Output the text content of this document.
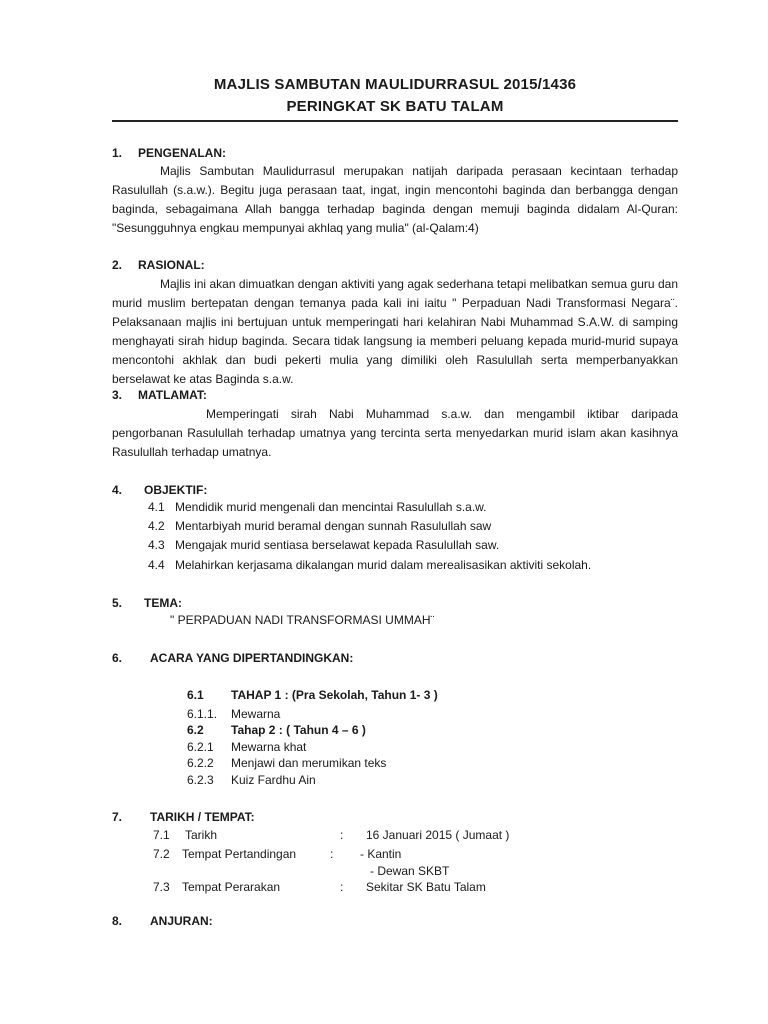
MAJLIS SAMBUTAN MAULIDURRASUL 2015/1436
PERINGKAT SK BATU TALAM
1. PENGENALAN:

Majlis Sambutan Maulidurrasul merupakan natijah daripada perasaan kecintaan terhadap Rasulullah (s.a.w.). Begitu juga perasaan taat, ingat, ingin mencontohi baginda dan berbangga dengan baginda, sebagaimana Allah bangga terhadap baginda dengan memuji baginda didalam Al-Quran: "Sesungguhnya engkau mempunyai akhlaq yang mulia" (al-Qalam:4)

2. RASIONAL:

Majlis ini akan dimuatkan dengan aktiviti yang agak sederhana tetapi melibatkan semua guru dan murid muslim bertepatan dengan temanya pada kali ini iaitu " Perpaduan Nadi Transformasi Negara¨. Pelaksanaan majlis ini bertujuan untuk memperingati hari kelahiran Nabi Muhammad S.A.W. di samping menghayati sirah hidup baginda. Secara tidak langsung ia memberi peluang kepada murid-murid supaya mencontohi akhlak dan budi pekerti mulia yang dimiliki oleh Rasulullah serta memperbanyakkan berselawat ke atas Baginda s.a.w.

3. MATLAMAT:

Memperingati sirah Nabi Muhammad s.a.w. dan mengambil iktibar daripada pengorbanan Rasulullah terhadap umatnya yang tercinta serta menyedarkan murid islam akan kasihnya Rasulullah terhadap umatnya.

4. OBJEKTIF:
4.1 Mendidik murid mengenali dan mencintai Rasulullah s.a.w.
4.2 Mentarbiyah murid beramal dengan sunnah Rasulullah saw
4.3 Mengajak murid sentiasa berselawat kepada Rasulullah saw.
4.4 Melahirkan kerjasama dikalangan murid dalam merealisasikan aktiviti sekolah.
5. TEMA:
" PERPADUAN NADI TRANSFORMASI UMMAH¨
6. ACARA YANG DIPERTANDINGKAN:
6.1 TAHAP 1 : (Pra Sekolah, Tahun 1- 3 )
6.1.1. Mewarna
6.2 Tahap 2 : ( Tahun 4 – 6 )
6.2.1 Mewarna khat
6.2.2 Menjawi dan merumikan teks
6.2.3 Kuiz Fardhu Ain
7. TARIKH / TEMPAT:
7.1 Tarikh	: 16 Januari 2015 ( Jumaat )
7.2 Tempat Pertandingan	: - Kantin
- Dewan SKBT
7.3 Tempat Perarakan	: Sekitar SK Batu Talam
8. ANJURAN:
